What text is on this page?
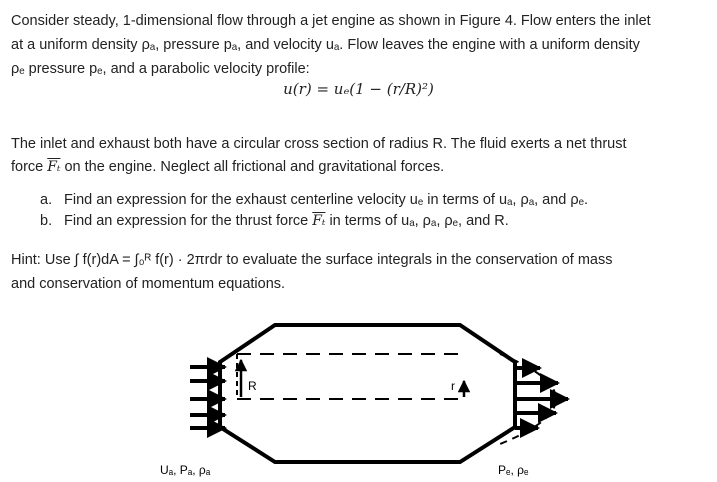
Consider steady, 1-dimensional flow through a jet engine as shown in Figure 4. Flow enters the inlet
at a uniform density ρₐ, pressure pₐ, and velocity uₐ. Flow leaves the engine with a uniform density
ρₑ pressure pₑ, and a parabolic velocity profile:
u(r) = uₑ(1 − (r/R)²)
The inlet and exhaust both have a circular cross section of radius R. The fluid exerts a net thrust
force $\overline{F_t}$ on the engine. Neglect all frictional and gravitational forces.
a. Find an expression for the exhaust centerline velocity uₑ in terms of uₐ, ρₐ, and ρₑ.
b. Find an expression for the thrust force $\overline{F_t}$ in terms of uₐ, ρₐ, ρₑ, and R.
Hint: Use ∫ f(r)dA = ∫₀ᴿ f(r) · 2πrdr to evaluate the surface integrals in the conservation of mass
and conservation of momentum equations.
R	r
Uₐ, Pₐ, ρₐ	Pₑ, ρₑ
